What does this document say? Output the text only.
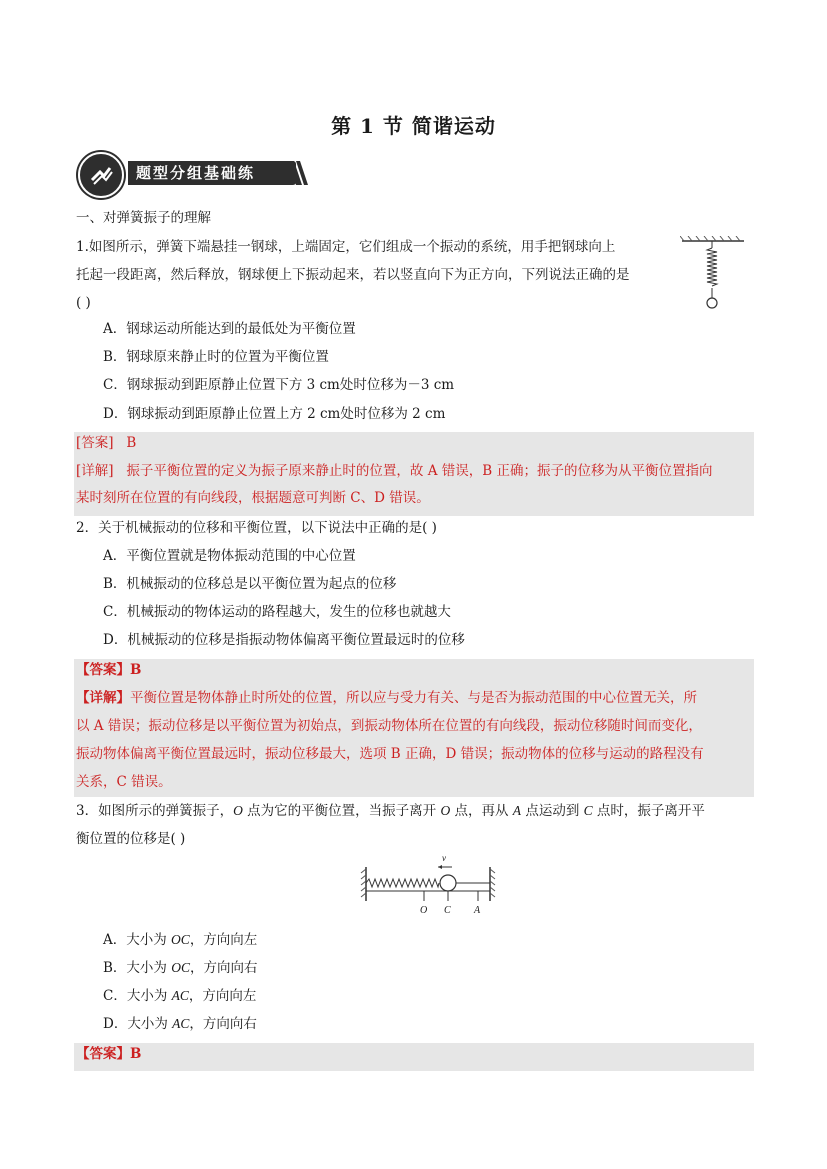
第 1 节 简谐运动
题型分组基础练
一、对弹簧振子的理解
1.如图所示，弹簧下端悬挂一钢球，上端固定，它们组成一个振动的系统，用手把钢球向上
托起一段距离，然后释放，钢球便上下振动起来，若以竖直向下为正方向，下列说法正确的是
( )
A．钢球运动所能达到的最低处为平衡位置
B．钢球原来静止时的位置为平衡位置
C．钢球振动到距原静止位置下方 3 cm处时位移为－3 cm
D．钢球振动到距原静止位置上方 2 cm处时位移为 2 cm
[答案] B
[详解] 振子平衡位置的定义为振子原来静止时的位置，故 A 错误，B 正确；振子的位移为从平衡位置指向
某时刻所在位置的有向线段，根据题意可判断 C、D 错误。
2．关于机械振动的位移和平衡位置，以下说法中正确的是( )
A．平衡位置就是物体振动范围的中心位置
B．机械振动的位移总是以平衡位置为起点的位移
C．机械振动的物体运动的路程越大，发生的位移也就越大
D．机械振动的位移是指振动物体偏离平衡位置最远时的位移
【答案】B
【详解】平衡位置是物体静止时所处的位置，所以应与受力有关、与是否为振动范围的中心位置无关，所
以 A 错误；振动位移是以平衡位置为初始点，到振动物体所在位置的有向线段，振动位移随时间而变化，
振动物体偏离平衡位置最远时，振动位移最大，选项 B 正确，D 错误；振动物体的位移与运动的路程没有
关系，C 错误。
3．如图所示的弹簧振子，O 点为它的平衡位置，当振子离开 O 点，再从 A 点运动到 C 点时，振子离开平
衡位置的位移是( )
v
O C A
A．大小为 OC，方向向左
B．大小为 OC，方向向右
C．大小为 AC，方向向左
D．大小为 AC，方向向右
【答案】B
